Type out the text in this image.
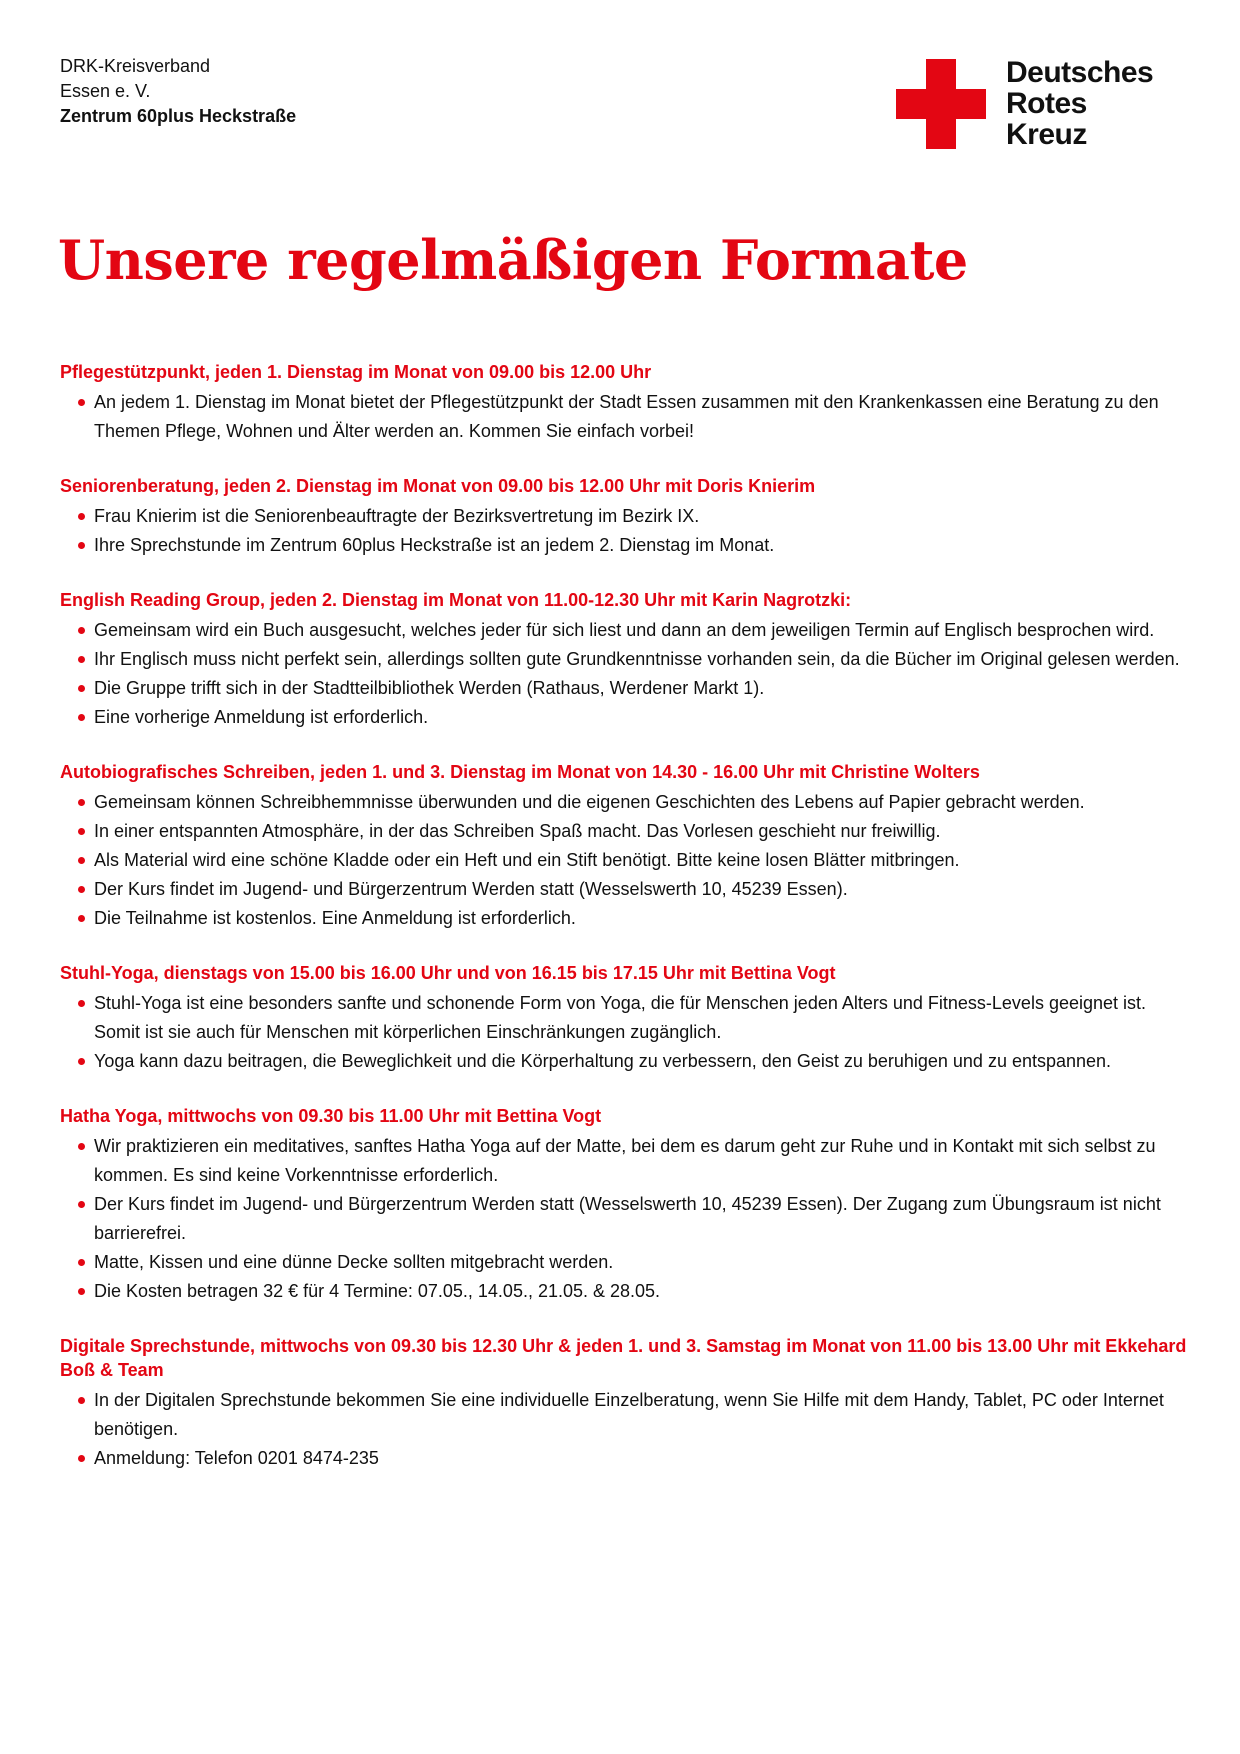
DRK-Kreisverband
Essen e. V.
Zentrum 60plus Heckstraße
Deutsches
Rotes
Kreuz
Unsere regelmäßigen Formate
Pflegestützpunkt, jeden 1. Dienstag im Monat von 09.00 bis 12.00 Uhr
An jedem 1. Dienstag im Monat bietet der Pflegestützpunkt der Stadt Essen zusammen mit den Krankenkassen eine Beratung zu den Themen Pflege, Wohnen und Älter werden an. Kommen Sie einfach vorbei!
Seniorenberatung, jeden 2. Dienstag im Monat von 09.00 bis 12.00 Uhr mit Doris Knierim
Frau Knierim ist die Seniorenbeauftragte der Bezirksvertretung im Bezirk IX.
Ihre Sprechstunde im Zentrum 60plus Heckstraße ist an jedem 2. Dienstag im Monat.
English Reading Group, jeden 2. Dienstag im Monat von 11.00-12.30 Uhr mit Karin Nagrotzki:
Gemeinsam wird ein Buch ausgesucht, welches jeder für sich liest und dann an dem jeweiligen Termin auf Englisch besprochen wird.
Ihr Englisch muss nicht perfekt sein, allerdings sollten gute Grundkenntnisse vorhanden sein, da die Bücher im Original gelesen werden.
Die Gruppe trifft sich in der Stadtteilbibliothek Werden (Rathaus, Werdener Markt 1).
Eine vorherige Anmeldung ist erforderlich.
Autobiografisches Schreiben, jeden 1. und 3. Dienstag im Monat von 14.30 - 16.00 Uhr mit Christine Wolters
Gemeinsam können Schreibhemmnisse überwunden und die eigenen Geschichten des Lebens auf Papier gebracht werden.
In einer entspannten Atmosphäre, in der das Schreiben Spaß macht. Das Vorlesen geschieht nur freiwillig.
Als Material wird eine schöne Kladde oder ein Heft und ein Stift benötigt. Bitte keine losen Blätter mitbringen.
Der Kurs findet im Jugend- und Bürgerzentrum Werden statt (Wesselswerth 10, 45239 Essen).
Die Teilnahme ist kostenlos. Eine Anmeldung ist erforderlich.
Stuhl-Yoga, dienstags von 15.00 bis 16.00 Uhr und von 16.15 bis 17.15 Uhr mit Bettina Vogt
Stuhl-Yoga ist eine besonders sanfte und schonende Form von Yoga, die für Menschen jeden Alters und Fitness-Levels geeignet ist. Somit ist sie auch für Menschen mit körperlichen Einschränkungen zugänglich.
Yoga kann dazu beitragen, die Beweglichkeit und die Körperhaltung zu verbessern, den Geist zu beruhigen und zu entspannen.
Hatha Yoga, mittwochs von 09.30 bis 11.00 Uhr mit Bettina Vogt
Wir praktizieren ein meditatives, sanftes Hatha Yoga auf der Matte, bei dem es darum geht zur Ruhe und in Kontakt mit sich selbst zu kommen. Es sind keine Vorkenntnisse erforderlich.
Der Kurs findet im Jugend- und Bürgerzentrum Werden statt (Wesselswerth 10, 45239 Essen). Der Zugang zum Übungsraum ist nicht barrierefrei.
Matte, Kissen und eine dünne Decke sollten mitgebracht werden.
Die Kosten betragen 32 € für 4 Termine: 07.05., 14.05., 21.05. & 28.05.
Digitale Sprechstunde, mittwochs von 09.30 bis 12.30 Uhr & jeden 1. und 3. Samstag im Monat von 11.00 bis 13.00 Uhr mit Ekkehard Boß & Team
In der Digitalen Sprechstunde bekommen Sie eine individuelle Einzelberatung, wenn Sie Hilfe mit dem Handy, Tablet, PC oder Internet benötigen.
Anmeldung: Telefon 0201 8474-235
